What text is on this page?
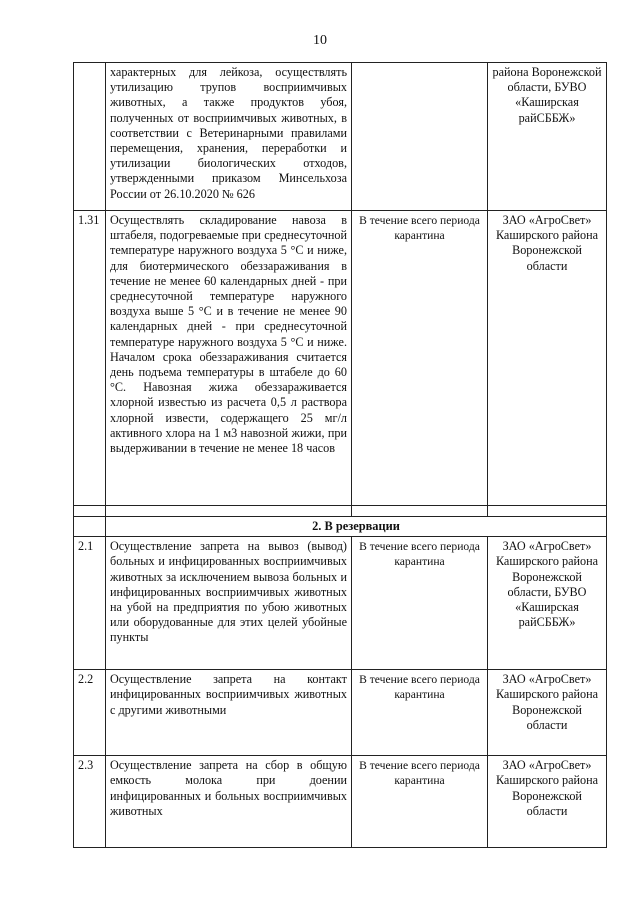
10
	характерных для лейкоза, осуществлять утилизацию трупов восприимчивых животных, а также продуктов убоя, полученных от восприимчивых животных, в соответствии с Ветеринарными правилами перемещения, хранения, переработки и утилизации биологических отходов, утвержденными приказом Минсельхоза России от 26.10.2020 № 626		района Воронежской области, БУВО «Каширская райСББЖ»
1.31	Осуществлять складирование навоза в штабеля, подогреваемые при среднесуточной температуре наружного воздуха 5 °С и ниже, для биотермического обеззараживания в течение не менее 60 календарных дней - при среднесуточной температуре наружного воздуха выше 5 °С и в течение не менее 90 календарных дней - при среднесуточной температуре наружного воздуха 5 °С и ниже. Началом срока обеззараживания считается день подъема температуры в штабеле до 60 °С. Навозная жижа обеззараживается хлорной известью из расчета 0,5 л раствора хлорной извести, содержащего 25 мг/л активного хлора на 1 м3 навозной жижи, при выдерживании в течение не менее 18 часов	В течение всего периода карантина	ЗАО «АгроСвет» Каширского района Воронежской области

	2. В резервации		
2.1	Осуществление запрета на вывоз (вывод) больных и инфицированных восприимчивых животных за исключением вывоза больных и инфицированных восприимчивых животных на убой на предприятия по убою животных или оборудованные для этих целей убойные пункты	В течение всего периода карантина	ЗАО «АгроСвет» Каширского района Воронежской области, БУВО «Каширская райСББЖ»
2.2	Осуществление запрета на контакт инфицированных восприимчивых животных с другими животными	В течение всего периода карантина	ЗАО «АгроСвет» Каширского района Воронежской области
2.3	Осуществление запрета на сбор в общую емкость молока при доении инфицированных и больных восприимчивых животных	В течение всего периода карантина	ЗАО «АгроСвет» Каширского района Воронежской области
